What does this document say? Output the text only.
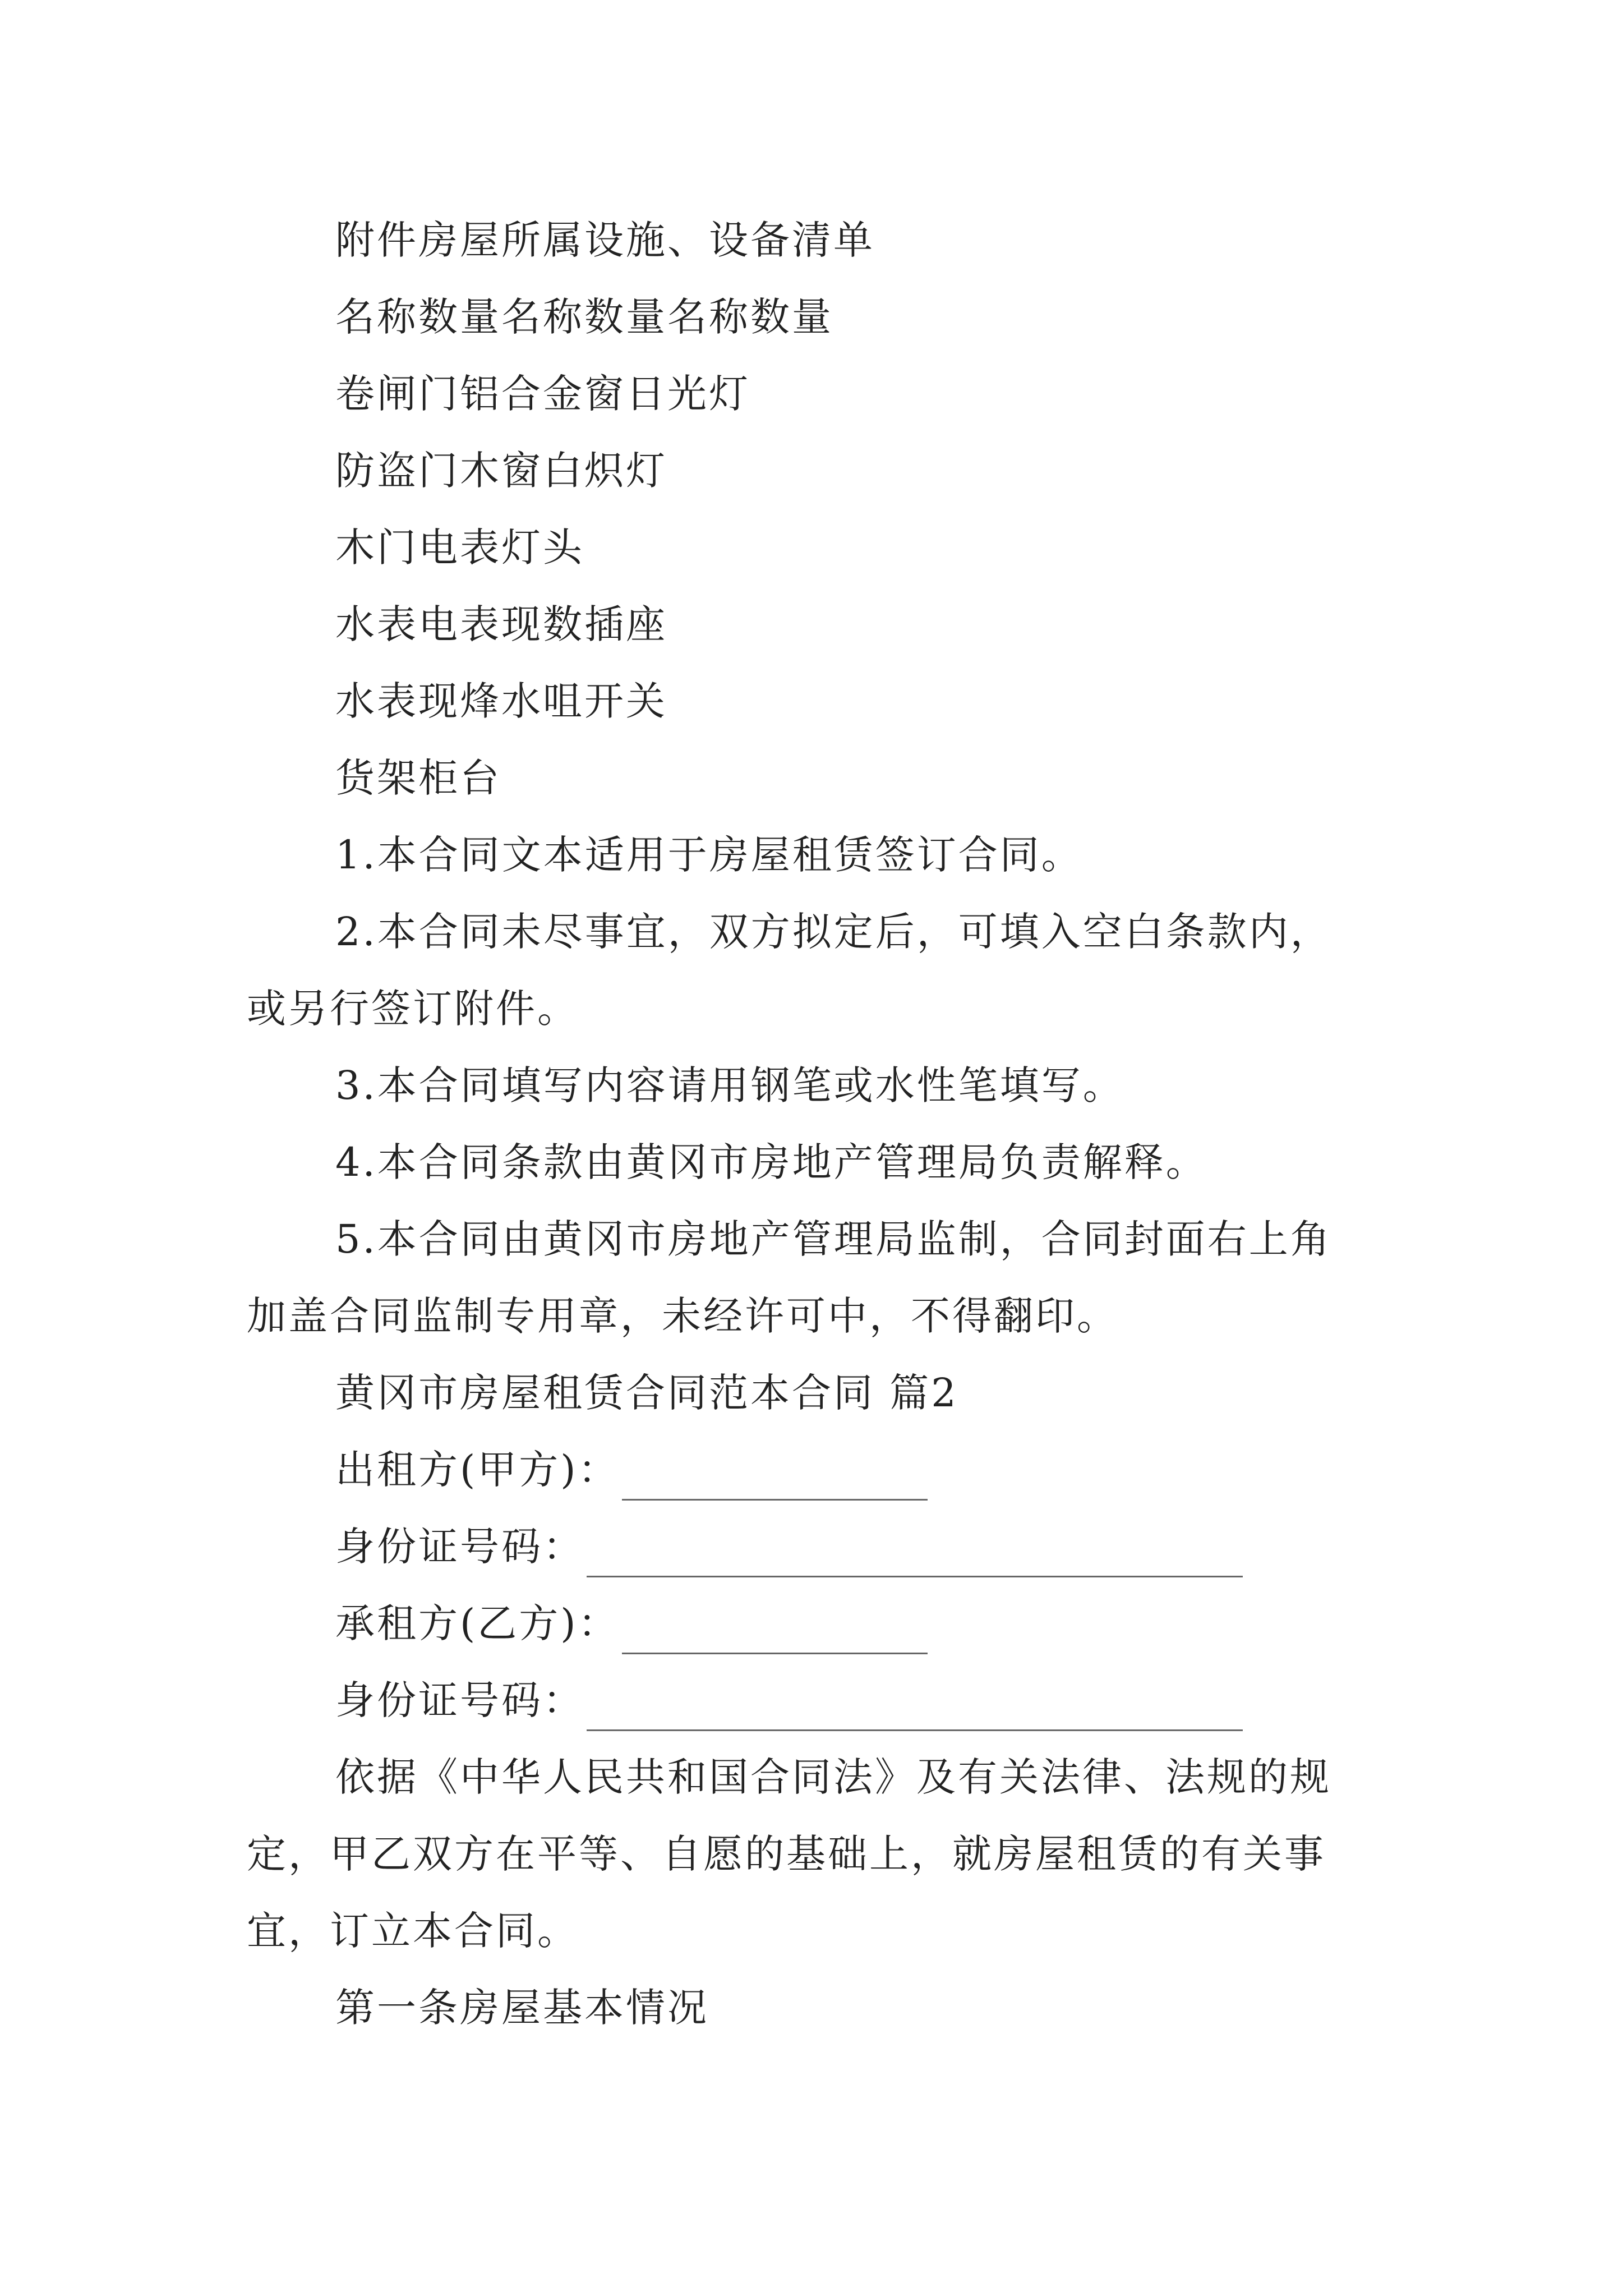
附件房屋所属设施、设备清单
名称数量名称数量名称数量
卷闸门铝合金窗日光灯
防盗门木窗白炽灯
木门电表灯头
水表电表现数插座
水表现烽水咀开关
货架柜台
1.本合同文本适用于房屋租赁签订合同。
2.本合同未尽事宜，双方拟定后，可填入空白条款内，
或另行签订附件。
3.本合同填写内容请用钢笔或水性笔填写。
4.本合同条款由黄冈市房地产管理局负责解释。
5.本合同由黄冈市房地产管理局监制，合同封面右上角
加盖合同监制专用章，未经许可中，不得翻印。
黄冈市房屋租赁合同范本合同 篇2
出租方(甲方)：
身份证号码：
承租方(乙方)：
身份证号码：
依据《中华人民共和国合同法》及有关法律、法规的规
定，甲乙双方在平等、自愿的基础上，就房屋租赁的有关事
宜，订立本合同。
第一条房屋基本情况
